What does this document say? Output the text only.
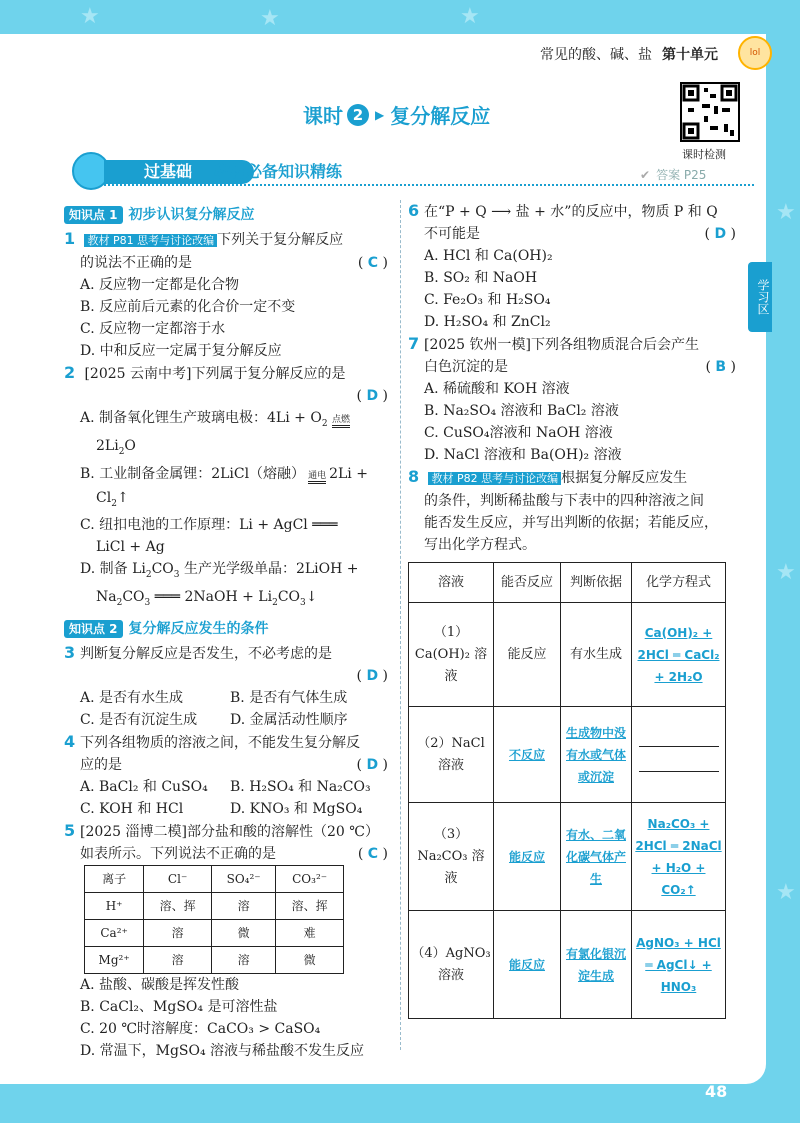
★	★	★
★
★
★
常见的酸、碱、盐 第十单元	lol
课时 2 ▶ 复分解反应
课时检测
过基础	教材必备知识精练	✔ 答案 P25
学习区
知识点 1 初步认识复分解反应
1 教材 P81 思考与讨论改编 下列关于复分解反应
的说法不正确的是	( C )
A. 反应物一定都是化合物
B. 反应前后元素的化合价一定不变
C. 反应物一定都溶于水
D. 中和反应一定属于复分解反应
2 [2025 云南中考]下列属于复分解反应的是
( D )
A. 制备氧化锂生产玻璃电极：$4Li + O_2$ 点燃
$2Li_2O$
B. 工业制备金属锂：2LiCl（熔融） 通电 2Li +
$Cl_2↑$
C. 纽扣电池的工作原理：Li + AgCl ═══
LiCl + Ag
D. 制备 $Li_2CO_3$ 生产光学级单晶：2LiOH +
$Na_2CO_3$ ═══ 2NaOH + $Li_2CO_3↓$
知识点 2 复分解反应发生的条件
3 判断复分解反应是否发生，不必考虑的是
( D )
A. 是否有水生成	B. 是否有气体生成
C. 是否有沉淀生成	D. 金属活动性顺序
4 下列各组物质的溶液之间，不能发生复分解反
应的是	( D )
A. BaCl₂ 和 CuSO₄	B. H₂SO₄ 和 Na₂CO₃
C. KOH 和 HCl	D. KNO₃ 和 MgSO₄
5 [2025 淄博二模]部分盐和酸的溶解性（20 ℃）
如表所示。下列说法不正确的是	( C )
离子	Cl⁻	SO₄²⁻	CO₃²⁻
H⁺	溶、挥	溶	溶、挥
Ca²⁺	溶	微	难
Mg²⁺	溶	溶	微
A. 盐酸、碳酸是挥发性酸
B. CaCl₂、MgSO₄ 是可溶性盐
C. 20 ℃时溶解度：CaCO₃ > CaSO₄
D. 常温下，MgSO₄ 溶液与稀盐酸不发生反应
6 在“P + Q ⟶ 盐 + 水”的反应中，物质 P 和 Q
不可能是	( D )
A. HCl 和 Ca(OH)₂
B. SO₂ 和 NaOH
C. Fe₂O₃ 和 H₂SO₄
D. H₂SO₄ 和 ZnCl₂
7 [2025 钦州一模]下列各组物质混合后会产生
白色沉淀的是	( B )
A. 稀硫酸和 KOH 溶液
B. Na₂SO₄ 溶液和 BaCl₂ 溶液
C. CuSO₄溶液和 NaOH 溶液
D. NaCl 溶液和 Ba(OH)₂ 溶液
8 教材 P82 思考与讨论改编 根据复分解反应发生
的条件，判断稀盐酸与下表中的四种溶液之间
能否发生反应，并写出判断的依据；若能反应，
写出化学方程式。
溶液	能否反应	判断依据	化学方程式
（1）Ca(OH)₂ 溶液	能反应	有水生成	Ca(OH)₂ + 2HCl ═ CaCl₂ + 2H₂O
（2）NaCl 溶液	不反应	生成物中没有水或气体或沉淀	

（3）Na₂CO₃ 溶液	能反应	有水、二氧化碳气体产生	Na₂CO₃ + 2HCl ═ 2NaCl + H₂O + CO₂↑
（4）AgNO₃ 溶液	能反应	有氯化银沉淀生成	AgNO₃ + HCl ═ AgCl↓ + HNO₃
48
